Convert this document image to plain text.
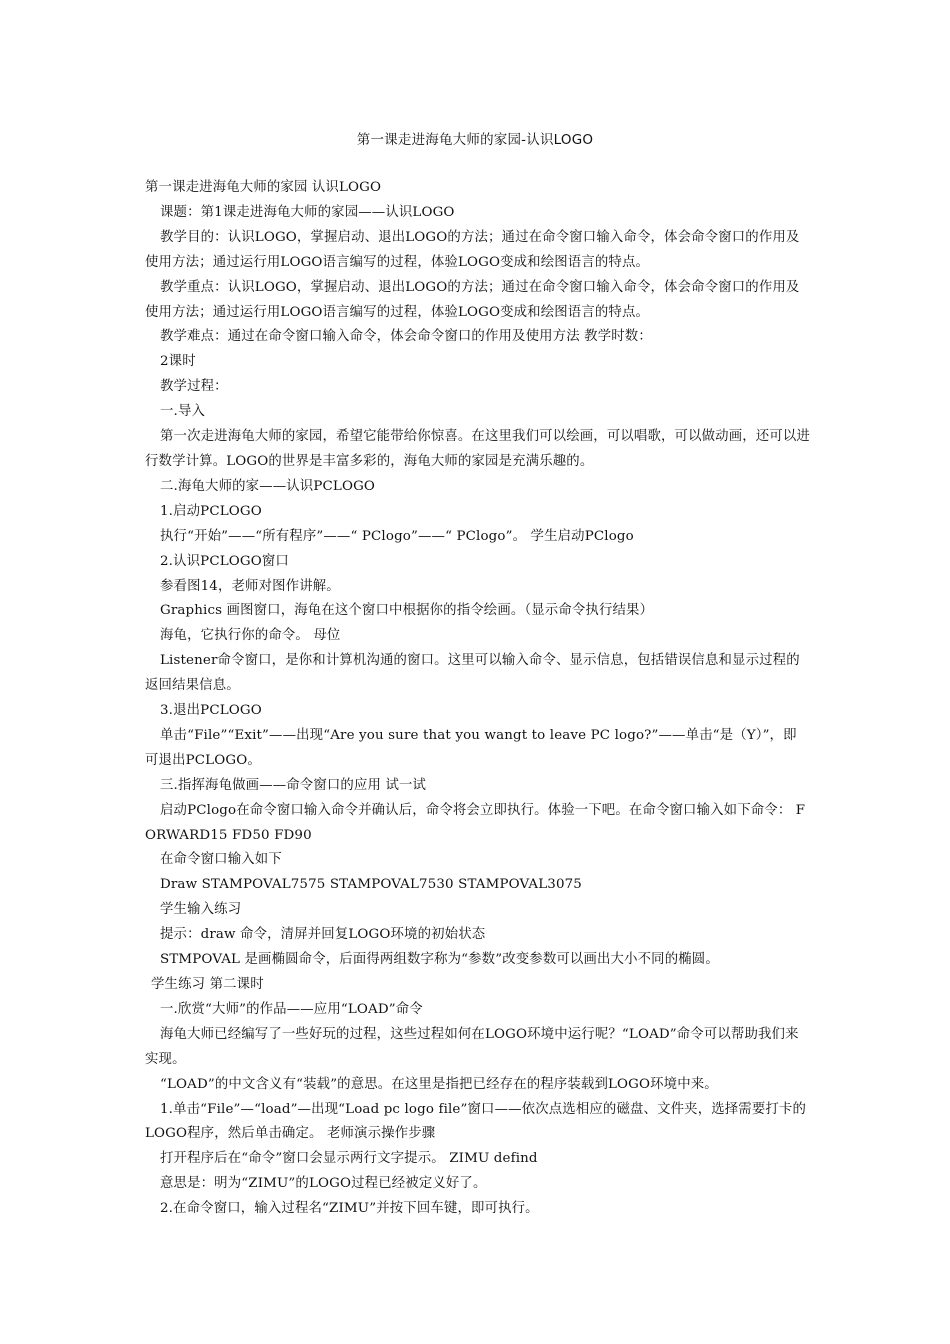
第一课走进海龟大师的家园-认识LOGO

第一课走进海龟大师的家园 认识LOGO

课题：第1课走进海龟大师的家园——认识LOGO

教学目的：认识LOGO，掌握启动、退出LOGO的方法；通过在命令窗口输入命令，体会命令窗口的作用及使用方法；通过运行用LOGO语言编写的过程，体验LOGO变成和绘图语言的特点。

教学重点：认识LOGO，掌握启动、退出LOGO的方法；通过在命令窗口输入命令，体会命令窗口的作用及使用方法；通过运行用LOGO语言编写的过程，体验LOGO变成和绘图语言的特点。

教学难点：通过在命令窗口输入命令，体会命令窗口的作用及使用方法 教学时数：

2课时

教学过程：

一.导入

第一次走进海龟大师的家园，希望它能带给你惊喜。在这里我们可以绘画，可以唱歌，可以做动画，还可以进行数学计算。LOGO的世界是丰富多彩的，海龟大师的家园是充满乐趣的。

二.海龟大师的家——认识PCLOGO

1.启动PCLOGO

执行“开始”——“所有程序”——“ PClogo”——“ PClogo”。 学生启动PClogo

2.认识PCLOGO窗口

参看图14，老师对图作讲解。

Graphics 画图窗口，海龟在这个窗口中根据你的指令绘画。（显示命令执行结果）

海龟，它执行你的命令。 母位

Listener命令窗口，是你和计算机沟通的窗口。这里可以输入命令、显示信息，包括错误信息和显示过程的返回结果信息。

3.退出PCLOGO

单击“File”“Exit”——出现“Are you sure that you wangt to leave PC logo?”——单击“是（Y）”，即可退出PCLOGO。

三.指挥海龟做画——命令窗口的应用 试一试

启动PClogo在命令窗口输入命令并确认后，命令将会立即执行。体验一下吧。在命令窗口输入如下命令： FORWARD15 FD50 FD90

在命令窗口输入如下

Draw STAMPOVAL7575 STAMPOVAL7530 STAMPOVAL3075

学生输入练习

提示：draw 命令，清屏并回复LOGO环境的初始状态

STMPOVAL 是画椭圆命令，后面得两组数字称为“参数”改变参数可以画出大小不同的椭圆。

学生练习 第二课时

一.欣赏“大师”的作品——应用“LOAD”命令

海龟大师已经编写了一些好玩的过程，这些过程如何在LOGO环境中运行呢？“LOAD”命令可以帮助我们来实现。

“LOAD”的中文含义有“装载”的意思。在这里是指把已经存在的程序装载到LOGO环境中来。

1.单击“File”—“load”—出现“Load pc logo file”窗口——依次点选相应的磁盘、文件夹，选择需要打卡的LOGO程序，然后单击确定。 老师演示操作步骤

打开程序后在“命令”窗口会显示两行文字提示。 ZIMU defind

意思是：明为“ZIMU”的LOGO过程已经被定义好了。

2.在命令窗口，输入过程名“ZIMU”并按下回车键，即可执行。
